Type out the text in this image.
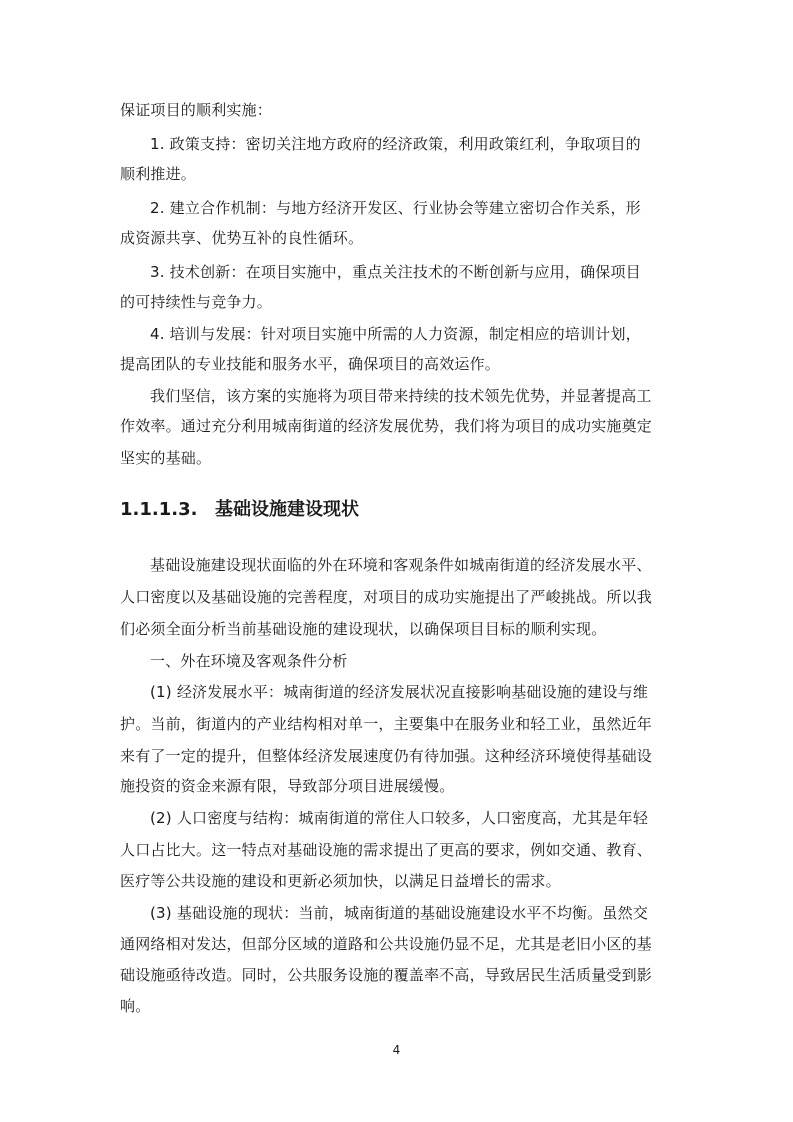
保证项目的顺利实施：
1. 政策支持：密切关注地方政府的经济政策，利用政策红利，争取项目的
顺利推进。
2. 建立合作机制：与地方经济开发区、行业协会等建立密切合作关系，形
成资源共享、优势互补的良性循环。
3. 技术创新：在项目实施中，重点关注技术的不断创新与应用，确保项目
的可持续性与竞争力。
4. 培训与发展：针对项目实施中所需的人力资源，制定相应的培训计划，
提高团队的专业技能和服务水平，确保项目的高效运作。
我们坚信，该方案的实施将为项目带来持续的技术领先优势，并显著提高工
作效率。通过充分利用城南街道的经济发展优势，我们将为项目的成功实施奠定
坚实的基础。
1.1.1.3. 基础设施建设现状
基础设施建设现状面临的外在环境和客观条件如城南街道的经济发展水平、
人口密度以及基础设施的完善程度，对项目的成功实施提出了严峻挑战。所以我
们必须全面分析当前基础设施的建设现状，以确保项目目标的顺利实现。
一、外在环境及客观条件分析
(1) 经济发展水平：城南街道的经济发展状况直接影响基础设施的建设与维
护。当前，街道内的产业结构相对单一，主要集中在服务业和轻工业，虽然近年
来有了一定的提升，但整体经济发展速度仍有待加强。这种经济环境使得基础设
施投资的资金来源有限，导致部分项目进展缓慢。
(2) 人口密度与结构：城南街道的常住人口较多，人口密度高，尤其是年轻
人口占比大。这一特点对基础设施的需求提出了更高的要求，例如交通、教育、
医疗等公共设施的建设和更新必须加快，以满足日益增长的需求。
(3) 基础设施的现状：当前，城南街道的基础设施建设水平不均衡。虽然交
通网络相对发达，但部分区域的道路和公共设施仍显不足，尤其是老旧小区的基
础设施亟待改造。同时，公共服务设施的覆盖率不高，导致居民生活质量受到影
响。
4
